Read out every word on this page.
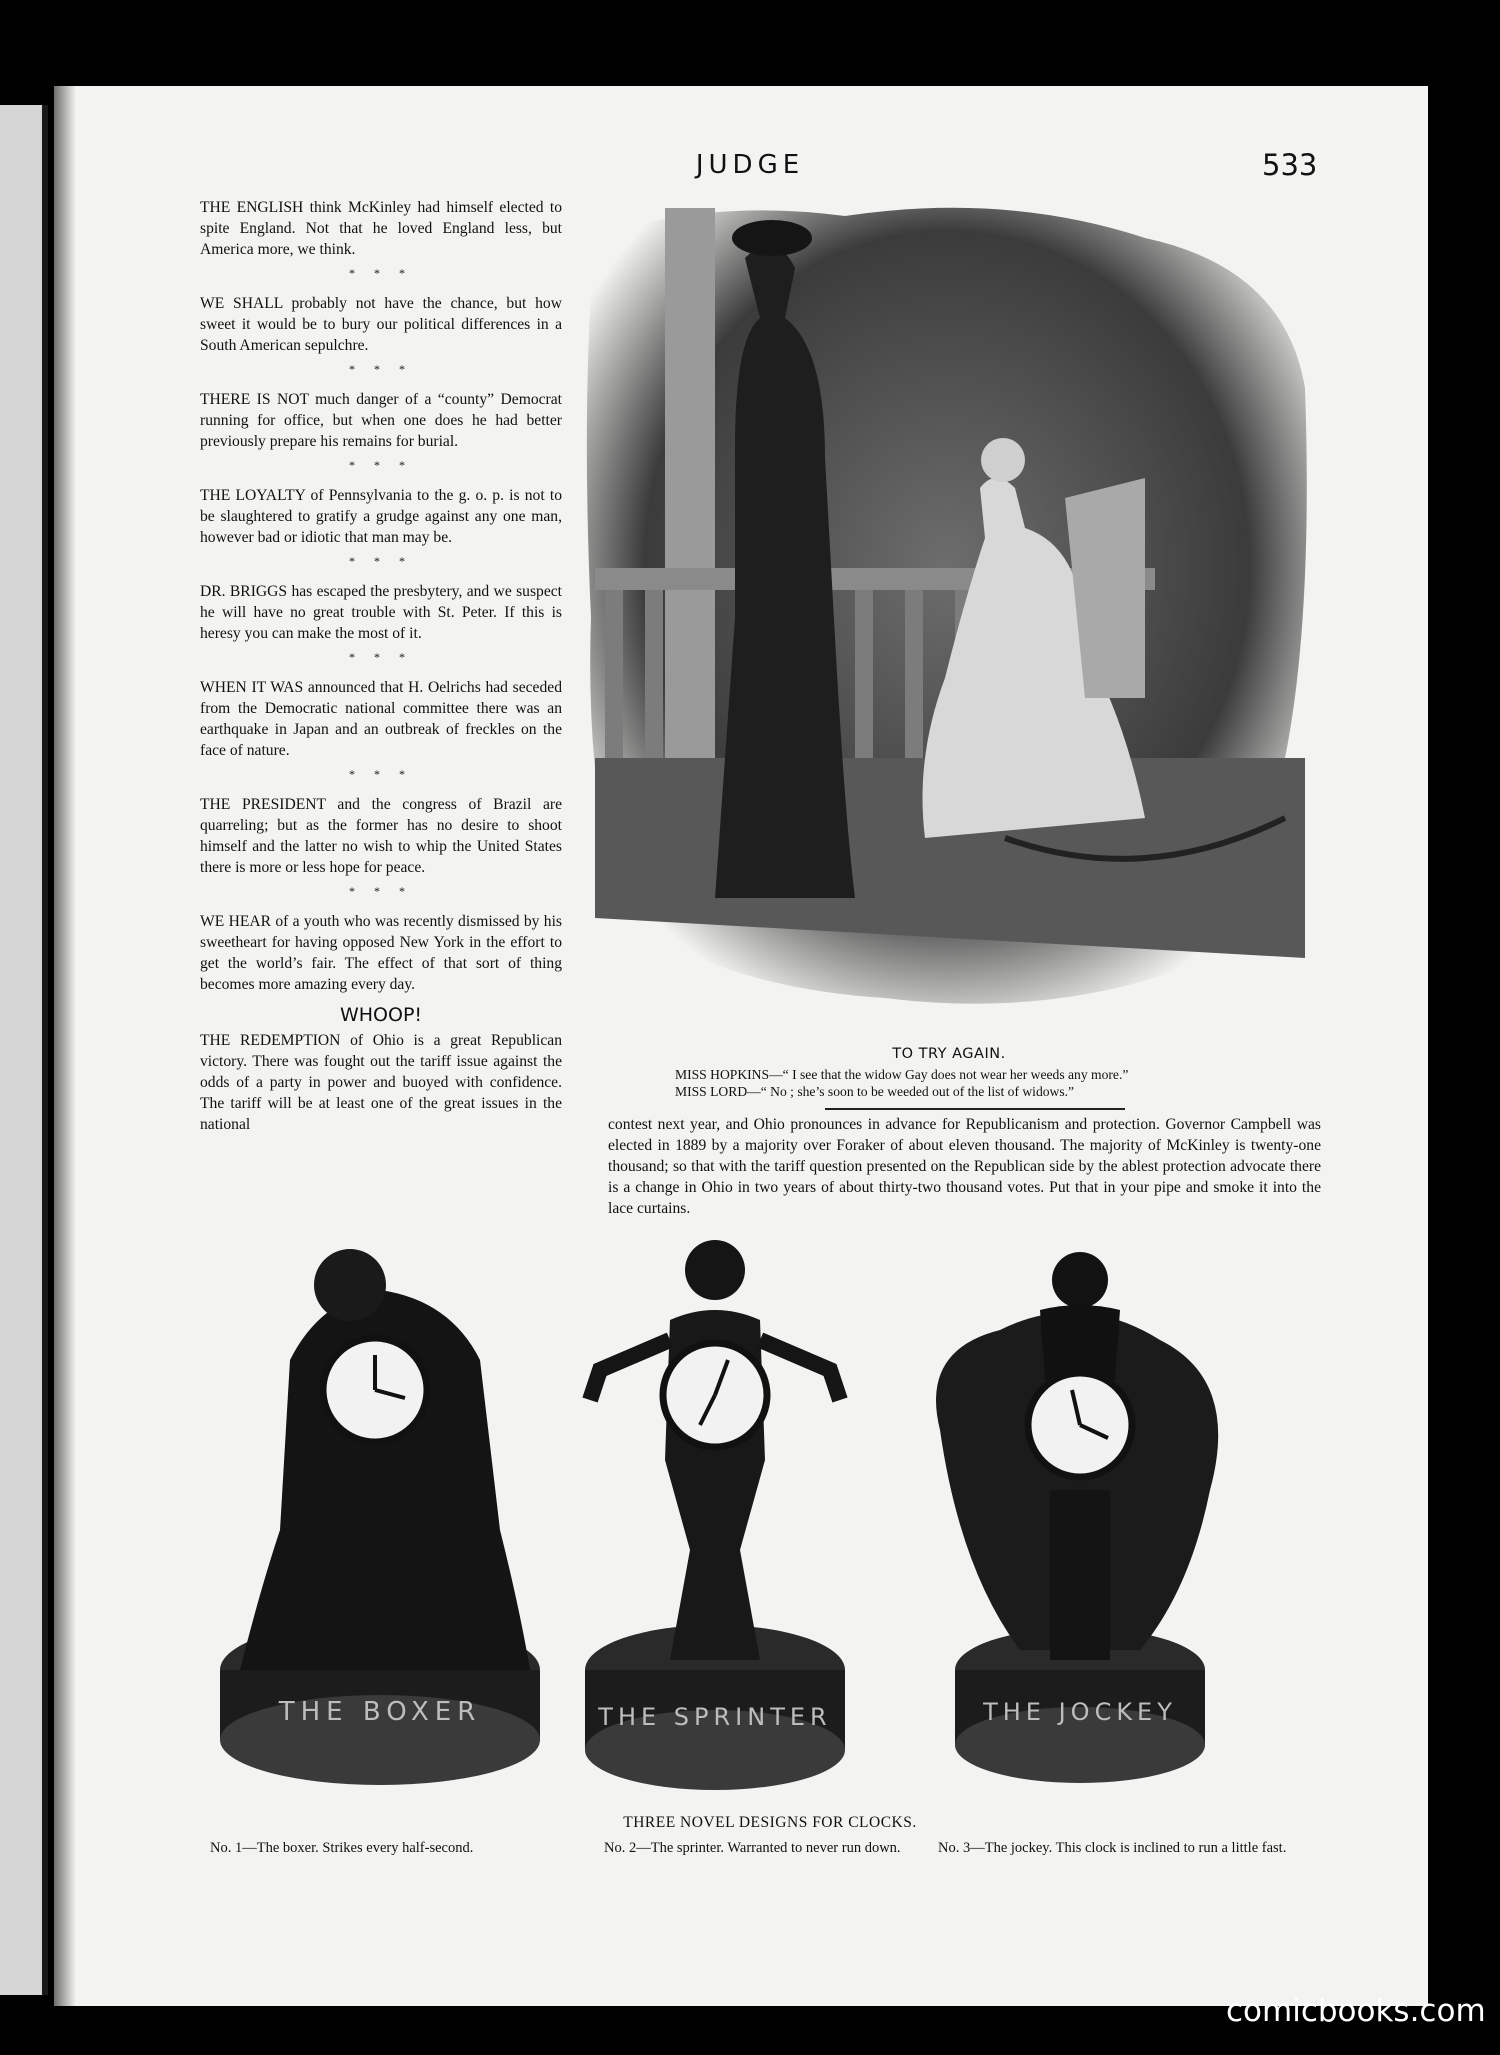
JUDGE	533
THE ENGLISH think McKinley had himself elected to spite England. Not that he loved England less, but America more, we think.
* * *
WE SHALL probably not have the chance, but how sweet it would be to bury our political differences in a South American sepulchre.
* * *
THERE IS NOT much danger of a “county” Democrat running for office, but when one does he had better previously prepare his remains for burial.
* * *
THE LOYALTY of Pennsylvania to the g. o. p. is not to be slaughtered to gratify a grudge against any one man, however bad or idiotic that man may be.
* * *
DR. BRIGGS has escaped the presbytery, and we suspect he will have no great trouble with St. Peter. If this is heresy you can make the most of it.
* * *
WHEN IT WAS announced that H. Oelrichs had seceded from the Democratic national committee there was an earthquake in Japan and an outbreak of freckles on the face of nature.
* * *
THE PRESIDENT and the congress of Brazil are quarreling; but as the former has no desire to shoot himself and the latter no wish to whip the United States there is more or less hope for peace.
* * *
WE HEAR of a youth who was recently dismissed by his sweetheart for having opposed New York in the effort to get the world’s fair. The effect of that sort of thing becomes more amazing every day.
WHOOP!
THE REDEMPTION of Ohio is a great Republican victory. There was fought out the tariff issue against the odds of a party in power and buoyed with confidence. The tariff will be at least one of the great issues in the national
TO TRY AGAIN.
MISS HOPKINS—“ I see that the widow Gay does not wear her weeds any more.”
MISS LORD—“ No ; she’s soon to be weeded out of the list of widows.”
contest next year, and Ohio pronounces in advance for Republicanism and protection. Governor Campbell was elected in 1889 by a majority over Foraker of about eleven thousand. The majority of McKinley is twenty-one thousand; so that with the tariff question presented on the Republican side by the ablest protection advocate there is a change in Ohio in two years of about thirty-two thousand votes. Put that in your pipe and smoke it into the lace curtains.
THE BOXER	THE SPRINTER	THE JOCKEY
THREE NOVEL DESIGNS FOR CLOCKS.
No. 1—The boxer. Strikes every half-second.	No. 2—The sprinter. Warranted to never run down.	No. 3—The jockey. This clock is inclined to run a little fast.
comicbooks.com
